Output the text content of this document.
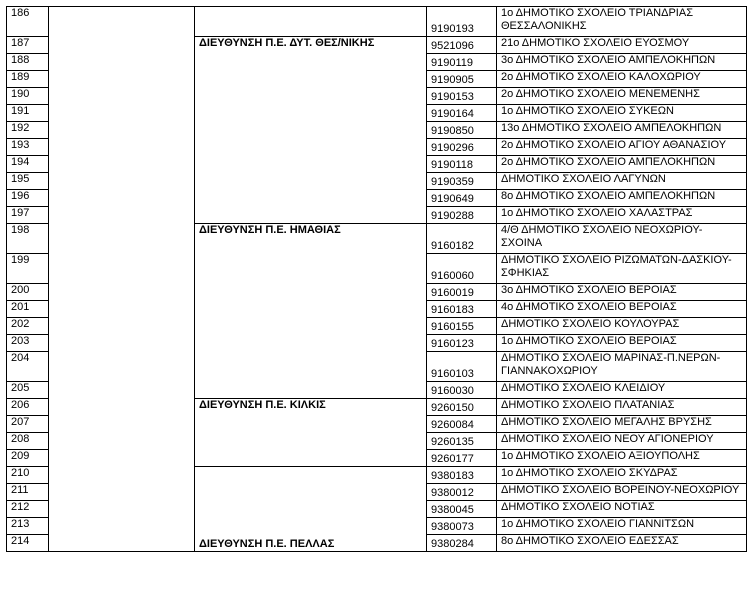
186			9190193	1ο ΔΗΜΟΤΙΚΟ ΣΧΟΛΕΙΟ ΤΡΙΑΝΔΡΙΑΣ
ΘΕΣΣΑΛΟΝΙΚΗΣ

187		ΔΙΕΥΘΥΝΣΗ Π.Ε. ΔΥΤ. ΘΕΣ/ΝΙΚΗΣ	9521096	21ο ΔΗΜΟΤΙΚΟ ΣΧΟΛΕΙΟ ΕΥΟΣΜΟΥ

188			9190119	3ο ΔΗΜΟΤΙΚΟ ΣΧΟΛΕΙΟ ΑΜΠΕΛΟΚΗΠΩΝ

189			9190905	2ο ΔΗΜΟΤΙΚΟ ΣΧΟΛΕΙΟ ΚΑΛΟΧΩΡΙΟΥ

190			9190153	2ο ΔΗΜΟΤΙΚΟ ΣΧΟΛΕΙΟ ΜΕΝΕΜΕΝΗΣ

191			9190164	1ο ΔΗΜΟΤΙΚΟ ΣΧΟΛΕΙΟ ΣΥΚΕΩΝ

192			9190850	13ο ΔΗΜΟΤΙΚΟ ΣΧΟΛΕΙΟ ΑΜΠΕΛΟΚΗΠΩΝ

193			9190296	2ο ΔΗΜΟΤΙΚΟ ΣΧΟΛΕΙΟ ΑΓΙΟΥ ΑΘΑΝΑΣΙΟΥ

194			9190118	2ο ΔΗΜΟΤΙΚΟ ΣΧΟΛΕΙΟ ΑΜΠΕΛΟΚΗΠΩΝ

195			9190359	ΔΗΜΟΤΙΚΟ ΣΧΟΛΕΙΟ ΛΑΓΥΝΩΝ

196			9190649	8ο ΔΗΜΟΤΙΚΟ ΣΧΟΛΕΙΟ ΑΜΠΕΛΟΚΗΠΩΝ

197			9190288	1ο ΔΗΜΟΤΙΚΟ ΣΧΟΛΕΙΟ ΧΑΛΑΣΤΡΑΣ

198		ΔΙΕΥΘΥΝΣΗ Π.Ε. ΗΜΑΘΙΑΣ	9160182	4/Θ ΔΗΜΟΤΙΚΟ ΣΧΟΛΕΙΟ ΝΕΟΧΩΡΙΟΥ-
ΣΧΟΙΝΑ

199			9160060	ΔΗΜΟΤΙΚΟ ΣΧΟΛΕΙΟ ΡΙΖΩΜΑΤΩΝ-ΔΑΣΚΙΟΥ-
ΣΦΗΚΙΑΣ

200			9160019	3ο ΔΗΜΟΤΙΚΟ ΣΧΟΛΕΙΟ ΒΕΡΟΙΑΣ

201			9160183	4ο ΔΗΜΟΤΙΚΟ ΣΧΟΛΕΙΟ ΒΕΡΟΙΑΣ

202			9160155	ΔΗΜΟΤΙΚΟ ΣΧΟΛΕΙΟ ΚΟΥΛΟΥΡΑΣ

203			9160123	1ο ΔΗΜΟΤΙΚΟ ΣΧΟΛΕΙΟ ΒΕΡΟΙΑΣ

204			9160103	ΔΗΜΟΤΙΚΟ ΣΧΟΛΕΙΟ ΜΑΡΙΝΑΣ-Π.ΝΕΡΩΝ-
ΓΙΑΝΝΑΚΟΧΩΡΙΟΥ

205			9160030	ΔΗΜΟΤΙΚΟ ΣΧΟΛΕΙΟ ΚΛΕΙΔΙΟΥ

206		ΔΙΕΥΘΥΝΣΗ Π.Ε. ΚΙΛΚΙΣ	9260150	ΔΗΜΟΤΙΚΟ ΣΧΟΛΕΙΟ ΠΛΑΤΑΝΙΑΣ

207			9260084	ΔΗΜΟΤΙΚΟ ΣΧΟΛΕΙΟ ΜΕΓΑΛΗΣ ΒΡΥΣΗΣ

208			9260135	ΔΗΜΟΤΙΚΟ ΣΧΟΛΕΙΟ ΝΕΟΥ ΑΓΙΟΝΕΡΙΟΥ

209			9260177	1ο ΔΗΜΟΤΙΚΟ ΣΧΟΛΕΙΟ ΑΞΙΟΥΠΟΛΗΣ

210		ΔΙΕΥΘΥΝΣΗ Π.Ε. ΠΕΛΛΑΣ	9380183	1ο ΔΗΜΟΤΙΚΟ ΣΧΟΛΕΙΟ ΣΚΥΔΡΑΣ

211			9380012	ΔΗΜΟΤΙΚΟ ΣΧΟΛΕΙΟ ΒΟΡΕΙΝΟΥ-ΝΕΟΧΩΡΙΟΥ

212			9380045	ΔΗΜΟΤΙΚΟ ΣΧΟΛΕΙΟ ΝΟΤΙΑΣ

213			9380073	1ο ΔΗΜΟΤΙΚΟ ΣΧΟΛΕΙΟ ΓΙΑΝΝΙΤΣΩΝ

214			9380284	8ο ΔΗΜΟΤΙΚΟ ΣΧΟΛΕΙΟ ΕΔΕΣΣΑΣ
